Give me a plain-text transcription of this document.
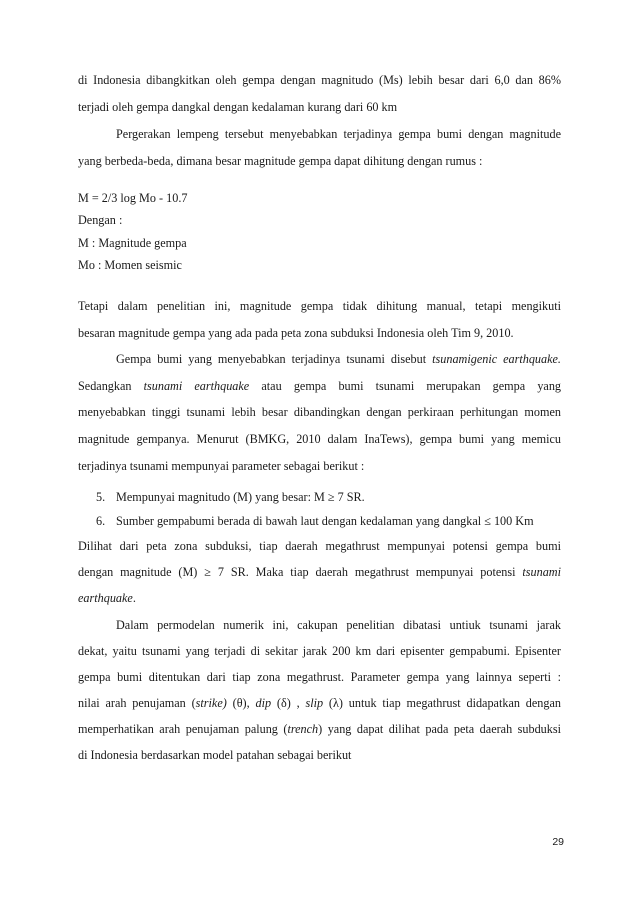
di Indonesia dibangkitkan oleh gempa dengan magnitudo (Ms) lebih besar dari 6,0 dan 86%
terjadi oleh gempa dangkal dengan kedalaman kurang dari 60 km
Pergerakan lempeng tersebut menyebabkan terjadinya gempa bumi dengan magnitude
yang berbeda-beda, dimana besar magnitude gempa dapat dihitung dengan rumus :
M = 2/3 log Mo - 10.7
Dengan :
M : Magnitude gempa
Mo : Momen seismic
Tetapi dalam penelitian ini, magnitude gempa tidak dihitung manual, tetapi mengikuti
besaran magnitude gempa yang ada pada peta zona subduksi Indonesia oleh Tim 9, 2010.
Gempa bumi yang menyebabkan terjadinya tsunami disebut tsunamigenic earthquake.
Sedangkan tsunami earthquake atau gempa bumi tsunami merupakan gempa yang
menyebabkan tinggi tsunami lebih besar dibandingkan dengan perkiraan perhitungan momen
magnitude gempanya. Menurut (BMKG, 2010 dalam InaTews), gempa bumi yang memicu
terjadinya tsunami mempunyai parameter sebagai berikut :
5. Mempunyai magnitudo (M) yang besar: M ≥ 7 SR.
6. Sumber gempabumi berada di bawah laut dengan kedalaman yang dangkal ≤ 100 Km
Dilihat dari peta zona subduksi, tiap daerah megathrust mempunyai potensi gempa bumi
dengan magnitude (M) ≥ 7 SR. Maka tiap daerah megathrust mempunyai potensi tsunami
earthquake.
Dalam permodelan numerik ini, cakupan penelitian dibatasi untiuk tsunami jarak
dekat, yaitu tsunami yang terjadi di sekitar jarak 200 km dari episenter gempabumi. Episenter
gempa bumi ditentukan dari tiap zona megathrust. Parameter gempa yang lainnya seperti :
nilai arah penujaman (strike) (θ), dip (δ) , slip (λ) untuk tiap megathrust didapatkan dengan
memperhatikan arah penujaman palung (trench) yang dapat dilihat pada peta daerah subduksi
di Indonesia berdasarkan model patahan sebagai berikut
29
